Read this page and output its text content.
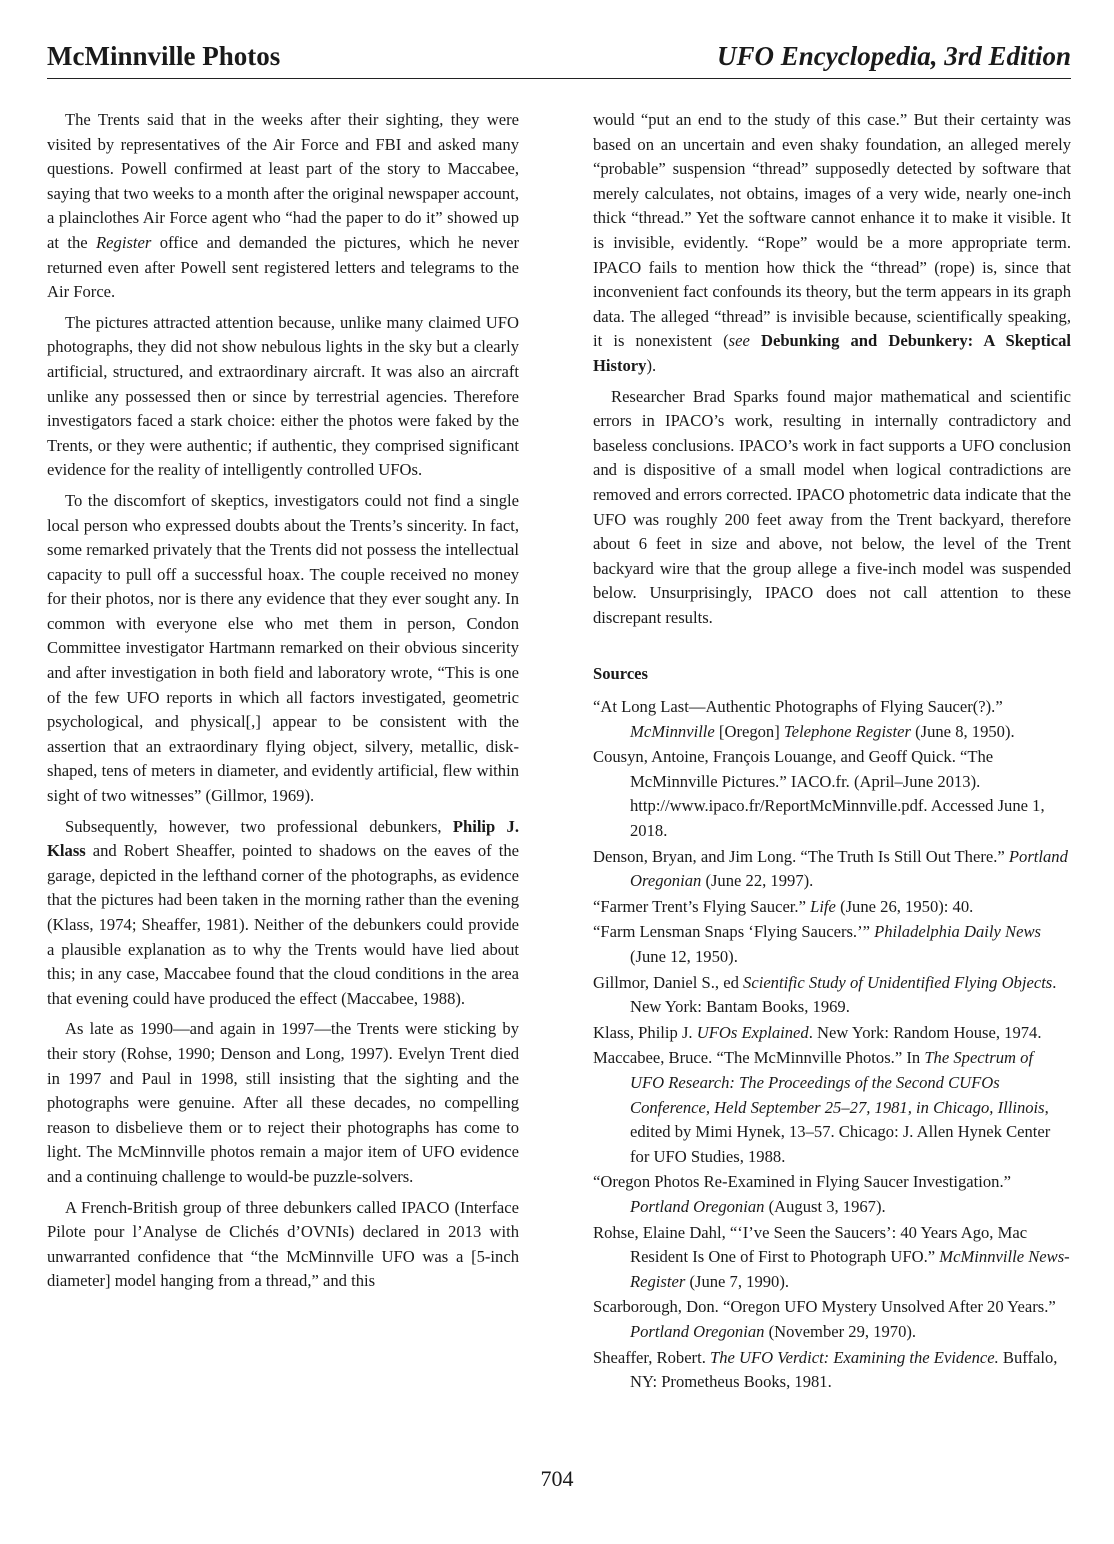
McMinnville Photos	UFO Encyclopedia, 3rd Edition

The Trents said that in the weeks after their sighting, they were visited by representatives of the Air Force and FBI and asked many questions. Powell confirmed at least part of the story to Maccabee, saying that two weeks to a month after the original newspaper account, a plainclothes Air Force agent who “had the paper to do it” showed up at the Register office and demanded the pictures, which he never returned even after Powell sent registered letters and telegrams to the Air Force.

The pictures attracted attention because, unlike many claimed UFO photographs, they did not show nebulous lights in the sky but a clearly artificial, structured, and extraordinary aircraft. It was also an aircraft unlike any possessed then or since by terrestrial agencies. Therefore investigators faced a stark choice: either the photos were faked by the Trents, or they were authentic; if authentic, they comprised significant evidence for the reality of intelligently controlled UFOs.

To the discomfort of skeptics, investigators could not find a single local person who expressed doubts about the Trents’s sincerity. In fact, some remarked privately that the Trents did not possess the intellectual capacity to pull off a successful hoax. The couple received no money for their photos, nor is there any evidence that they ever sought any. In common with everyone else who met them in person, Condon Committee investigator Hartmann remarked on their obvious sincerity and after investigation in both field and laboratory wrote, “This is one of the few UFO reports in which all factors investigated, geometric psychological, and physical[,] appear to be consistent with the assertion that an extraordinary flying object, silvery, metallic, disk-shaped, tens of meters in diameter, and evidently artificial, flew within sight of two witnesses” (Gillmor, 1969).

Subsequently, however, two professional debunkers, Philip J. Klass and Robert Sheaffer, pointed to shadows on the eaves of the garage, depicted in the lefthand corner of the photographs, as evidence that the pictures had been taken in the morning rather than the evening (Klass, 1974; Sheaffer, 1981). Neither of the debunkers could provide a plausible explanation as to why the Trents would have lied about this; in any case, Maccabee found that the cloud conditions in the area that evening could have produced the effect (Maccabee, 1988).

As late as 1990—and again in 1997—the Trents were sticking by their story (Rohse, 1990; Denson and Long, 1997). Evelyn Trent died in 1997 and Paul in 1998, still insisting that the sighting and the photographs were genuine. After all these decades, no compelling reason to disbelieve them or to reject their photographs has come to light. The McMinnville photos remain a major item of UFO evidence and a continuing challenge to would-be puzzle-solvers.

A French-British group of three debunkers called IPACO (Interface Pilote pour l’Analyse de Clichés d’OVNIs) declared in 2013 with unwarranted confidence that “the McMinnville UFO was a [5-inch diameter] model hanging from a thread,” and this

would “put an end to the study of this case.” But their certainty was based on an uncertain and even shaky foundation, an alleged merely “probable” suspension “thread” supposedly detected by software that merely calculates, not obtains, images of a very wide, nearly one-inch thick “thread.” Yet the software cannot enhance it to make it visible. It is invisible, evidently. “Rope” would be a more appropriate term. IPACO fails to mention how thick the “thread” (rope) is, since that inconvenient fact confounds its theory, but the term appears in its graph data. The alleged “thread” is invisible because, scientifically speaking, it is nonexistent (see Debunking and Debunkery: A Skeptical History).

Researcher Brad Sparks found major mathematical and scientific errors in IPACO’s work, resulting in internally contradictory and baseless conclusions. IPACO’s work in fact supports a UFO conclusion and is dispositive of a small model when logical contradictions are removed and errors corrected. IPACO photometric data indicate that the UFO was roughly 200 feet away from the Trent backyard, therefore about 6 feet in size and above, not below, the level of the Trent backyard wire that the group allege a five-inch model was suspended below. Unsurprisingly, IPACO does not call attention to these discrepant results.

Sources
“At Long Last—Authentic Photographs of Flying Saucer(?).” McMinnville [Oregon] Telephone Register (June 8, 1950).
Cousyn, Antoine, François Louange, and Geoff Quick. “The McMinnville Pictures.” IACO.fr. (April–June 2013). http://www.ipaco.fr/ReportMcMinnville.pdf. Accessed June 1, 2018.
Denson, Bryan, and Jim Long. “The Truth Is Still Out There.” Portland Oregonian (June 22, 1997).
“Farmer Trent’s Flying Saucer.” Life (June 26, 1950): 40.
“Farm Lensman Snaps ‘Flying Saucers.’” Philadelphia Daily News (June 12, 1950).
Gillmor, Daniel S., ed Scientific Study of Unidentified Flying Objects. New York: Bantam Books, 1969.
Klass, Philip J. UFOs Explained. New York: Random House, 1974.
Maccabee, Bruce. “The McMinnville Photos.” In The Spectrum of UFO Research: The Proceedings of the Second CUFOs Conference, Held September 25–27, 1981, in Chicago, Illinois, edited by Mimi Hynek, 13–57. Chicago: J. Allen Hynek Center for UFO Studies, 1988.
“Oregon Photos Re-Examined in Flying Saucer Investigation.” Portland Oregonian (August 3, 1967).
Rohse, Elaine Dahl, “‘I’ve Seen the Saucers’: 40 Years Ago, Mac Resident Is One of First to Photograph UFO.” McMinnville News-Register (June 7, 1990).
Scarborough, Don. “Oregon UFO Mystery Unsolved After 20 Years.” Portland Oregonian (November 29, 1970).
Sheaffer, Robert. The UFO Verdict: Examining the Evidence. Buffalo, NY: Prometheus Books, 1981.
704
